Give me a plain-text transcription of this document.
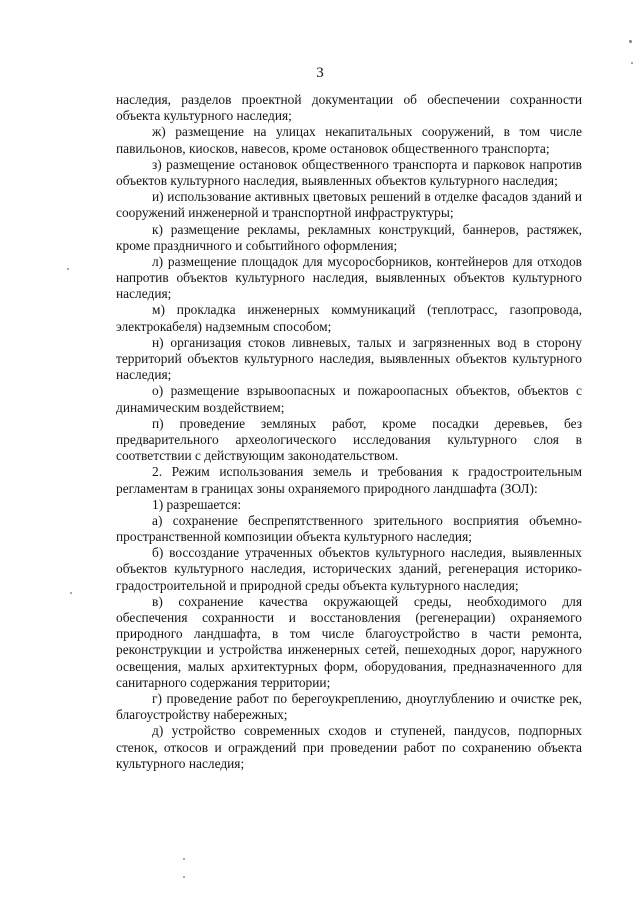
3

наследия, разделов проектной документации об обеспечении сохранности объекта культурного наследия;

ж) размещение на улицах некапитальных сооружений, в том числе павильонов, киосков, навесов, кроме остановок общественного транспорта;

з) размещение остановок общественного транспорта и парковок напротив объектов культурного наследия, выявленных объектов культурного наследия;

и) использование активных цветовых решений в отделке фасадов зданий и сооружений инженерной и транспортной инфраструктуры;

к) размещение рекламы, рекламных конструкций, баннеров, растяжек, кроме праздничного и событийного оформления;

л) размещение площадок для мусоросборников, контейнеров для отходов напротив объектов культурного наследия, выявленных объектов культурного наследия;

м) прокладка инженерных коммуникаций (теплотрасс, газопровода, электрокабеля) надземным способом;

н) организация стоков ливневых, талых и загрязненных вод в сторону территорий объектов культурного наследия, выявленных объектов культурного наследия;

о) размещение взрывоопасных и пожароопасных объектов, объектов с динамическим воздействием;

п) проведение земляных работ, кроме посадки деревьев, без предварительного археологического исследования культурного слоя в соответствии с действующим законодательством.

2. Режим использования земель и требования к градостроительным регламентам в границах зоны охраняемого природного ландшафта (ЗОЛ):

1) разрешается:

а) сохранение беспрепятственного зрительного восприятия объемно-пространственной композиции объекта культурного наследия;

б) воссоздание утраченных объектов культурного наследия, выявленных объектов культурного наследия, исторических зданий, регенерация историко-градостроительной и природной среды объекта культурного наследия;

в) сохранение качества окружающей среды, необходимого для обеспечения сохранности и восстановления (регенерации) охраняемого природного ландшафта, в том числе благоустройство в части ремонта, реконструкции и устройства инженерных сетей, пешеходных дорог, наружного освещения, малых архитектурных форм, оборудования, предназначенного для санитарного содержания территории;

г) проведение работ по берегоукреплению, дноуглублению и очистке рек, благоустройству набережных;

д) устройство современных сходов и ступеней, пандусов, подпорных стенок, откосов и ограждений при проведении работ по сохранению объекта культурного наследия;
